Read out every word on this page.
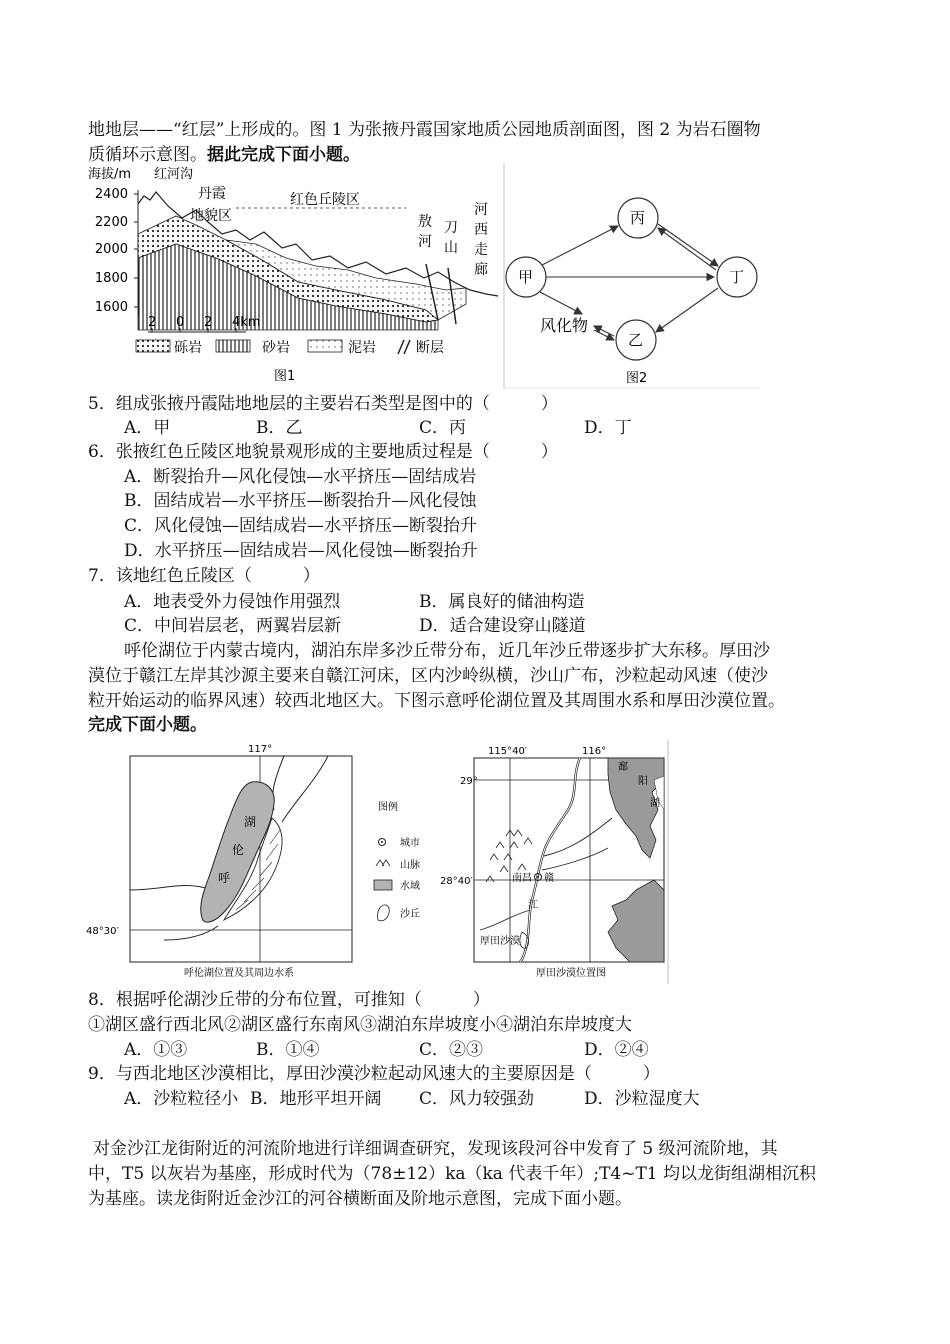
地地层——“红层”上形成的。图 1 为张掖丹霞国家地质公园地质剖面图，图 2 为岩石圈物
质循环示意图。据此完成下面小题。
海拔/m 红河沟
丹霞
地貌区
红色丘陵区
敖
河
刀
山
河
西
走
廊
2400
2200
2000
1800
1600
2 0 2 4km
砾岩	砂岩	泥岩	断层
图1
丙
甲	丁
乙
风化物
图2
5．组成张掖丹霞陆地地层的主要岩石类型是图中的（　　　）
A．甲	B．乙	C．丙	D．丁
6．张掖红色丘陵区地貌景观形成的主要地质过程是（　　　）
A．断裂抬升—风化侵蚀—水平挤压—固结成岩
B．固结成岩—水平挤压—断裂抬升—风化侵蚀
C．风化侵蚀—固结成岩—水平挤压—断裂抬升
D．水平挤压—固结成岩—风化侵蚀—断裂抬升
7．该地红色丘陵区（　　　）
A．地表受外力侵蚀作用强烈	B．属良好的储油构造
C．中间岩层老，两翼岩层新	D．适合建设穿山隧道
呼伦湖位于内蒙古境内，湖泊东岸多沙丘带分布，近几年沙丘带逐步扩大东移。厚田沙
漠位于赣江左岸其沙源主要来自赣江河床，区内沙岭纵横，沙山广布，沙粒起动风速（使沙
粒开始运动的临界风速）较西北地区大。下图示意呼伦湖位置及其周围水系和厚田沙漠位置。
完成下面小题。
117°
48°30′
湖
伦
呼
呼伦湖位置及其周边水系
图例
城市
山脉
水域
沙丘
115°40′	116°
29°
28°40′
鄱
阳
湖
南昌 赣
江
厚田沙漠
厚田沙漠位置图
8．根据呼伦湖沙丘带的分布位置，可推知（　　　）
①湖区盛行西北风②湖区盛行东南风③湖泊东岸坡度小④湖泊东岸坡度大
A．①③	B．①④	C．②③	D．②④
9．与西北地区沙漠相比，厚田沙漠沙粒起动风速大的主要原因是（　　　）
A．沙粒粒径小 B．地形平坦开阔 C．风力较强劲	D．沙粒湿度大
对金沙江龙街附近的河流阶地进行详细调查研究，发现该段河谷中发育了 5 级河流阶地，其
中，T5 以灰岩为基座，形成时代为（78±12）ka（ka 代表千年）;T4~T1 均以龙街组湖相沉积
为基座。读龙街附近金沙江的河谷横断面及阶地示意图，完成下面小题。
